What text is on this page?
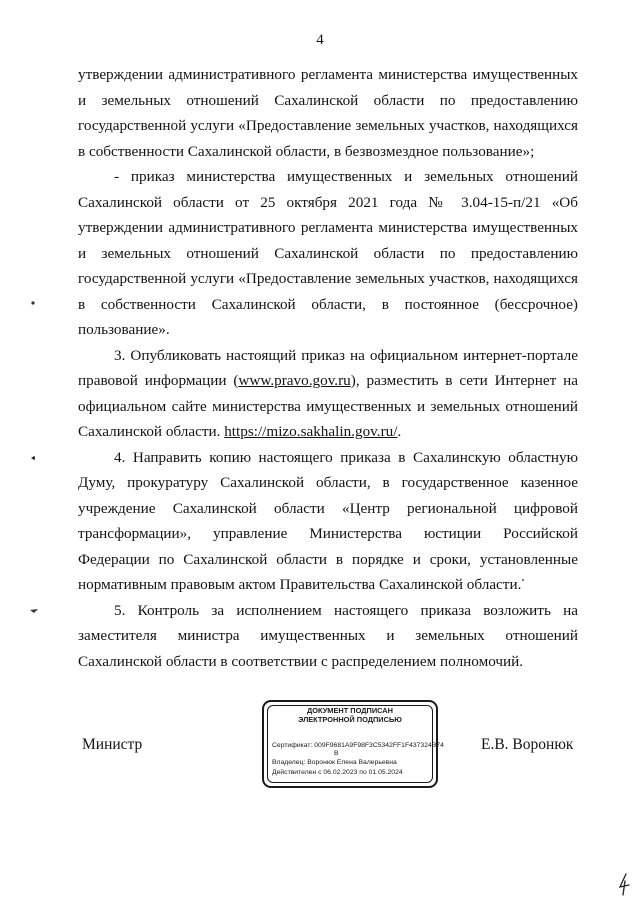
4

утверждении административного регламента министерства имущественных и земельных отношений Сахалинской области по предоставлению государственной услуги «Предоставление земельных участков, находящихся в собственности Сахалинской области, в безвозмездное пользование»;

- приказ министерства имущественных и земельных отношений Сахалинской области от 25 октября 2021 года № 3.04-15-п/21 «Об утверждении административного регламента министерства имущественных и земельных отношений Сахалинской области по предоставлению государственной услуги «Предоставление земельных участков, находящихся в собственности Сахалинской области, в постоянное (бессрочное) пользование».

3. Опубликовать настоящий приказ на официальном интернет-портале правовой информации (www.pravo.gov.ru), разместить в сети Интернет на официальном сайте министерства имущественных и земельных отношений Сахалинской области. https://mizo.sakhalin.gov.ru/.

4. Направить копию настоящего приказа в Сахалинскую областную Думу, прокуратуру Сахалинской области, в государственное казенное учреждение Сахалинской области «Центр региональной цифровой трансформации», управление Министерства юстиции Российской Федерации по Сахалинской области в порядке и сроки, установленные нормативным правовым актом Правительства Сахалинской области.

5. Контроль за исполнением настоящего приказа возложить на заместителя министра имущественных и земельных отношений Сахалинской области в соответствии с распределением полномочий.

Министр
ДОКУМЕНТ ПОДПИСАН
ЭЛЕКТРОННОЙ ПОДПИСЬЮ
Сертификат: 009F9681A9F98F3C5342FF1F437324B74
B
Владелец: Воронюк Елена Валерьевна
Действителен с 06.02.2023 по 01.05.2024
Е.В. Воронюк
